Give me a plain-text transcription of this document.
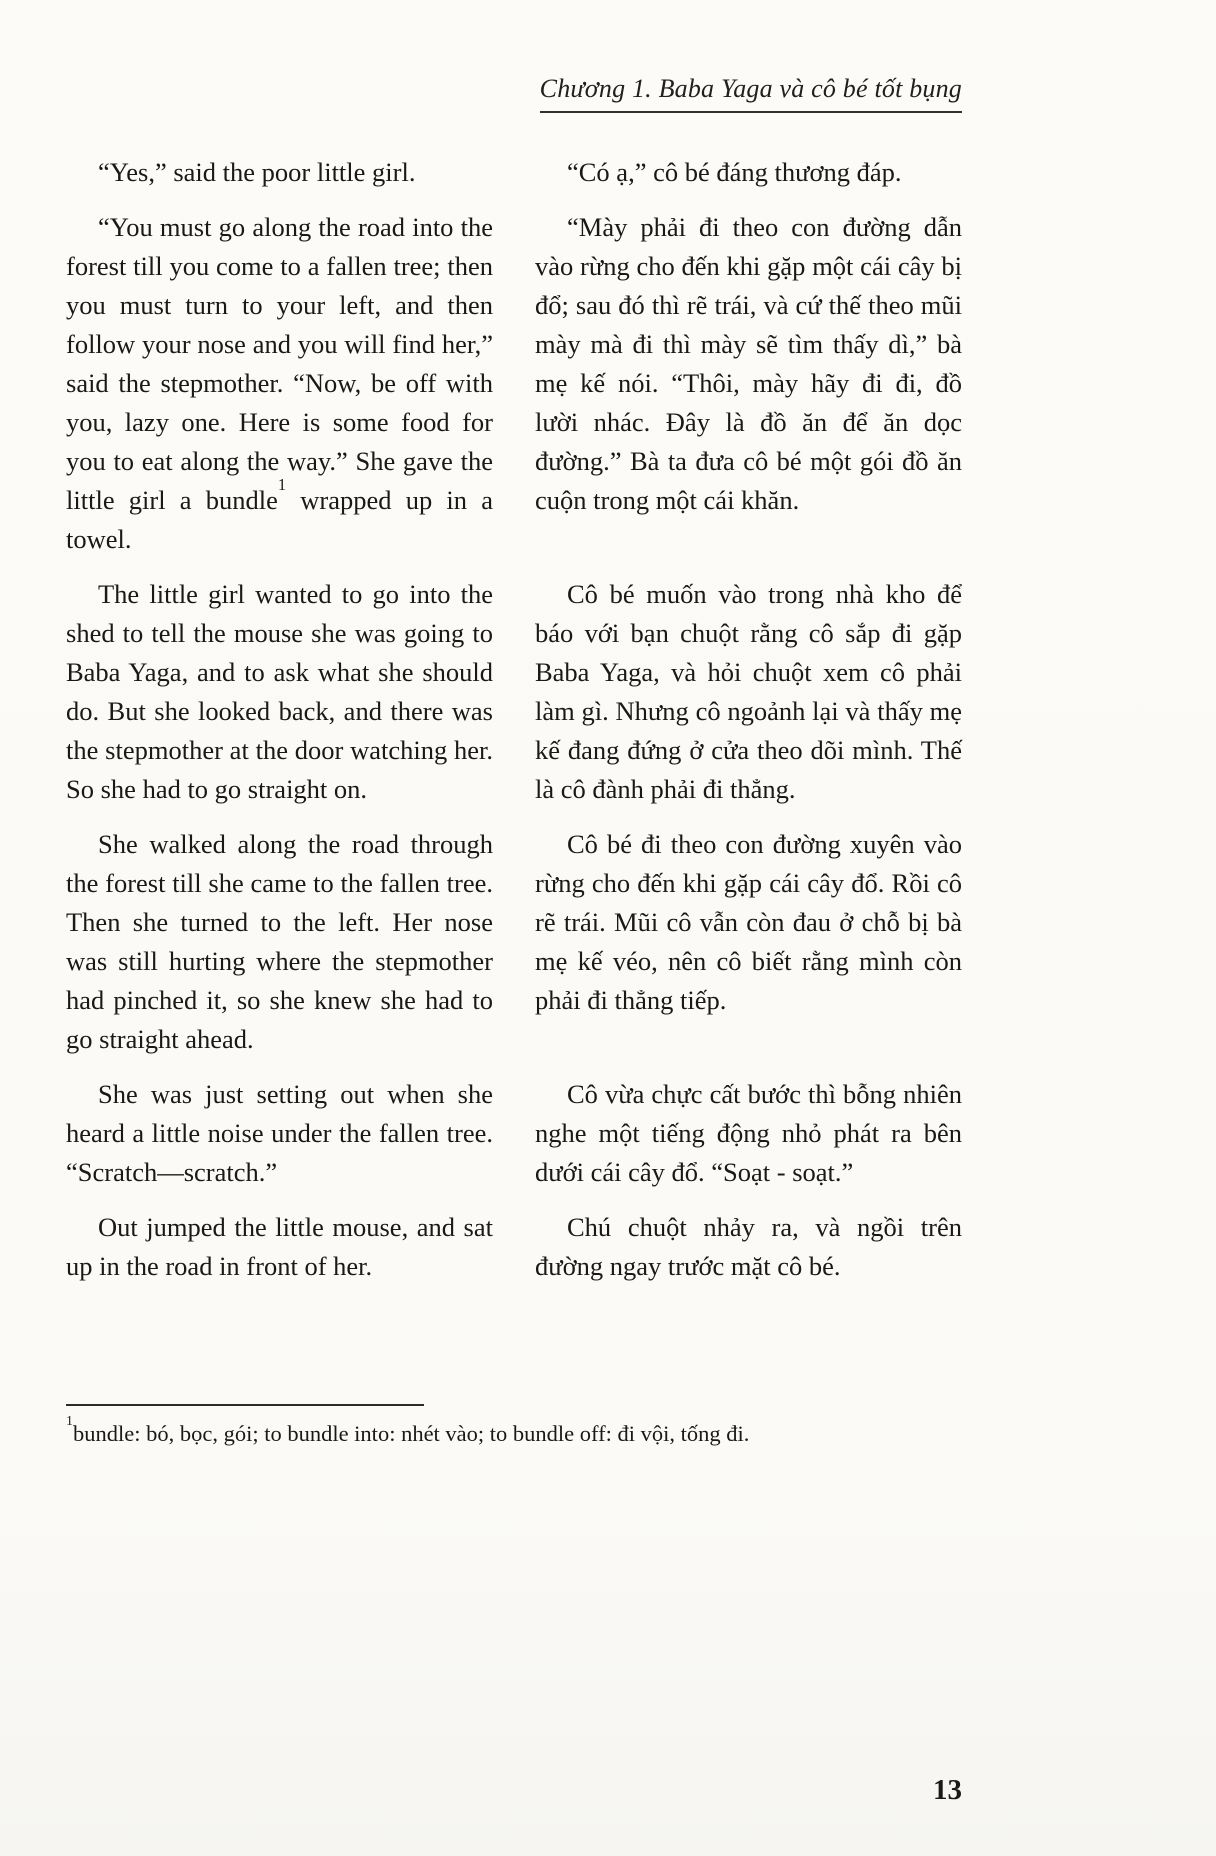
Chương 1. Baba Yaga và cô bé tốt bụng

“Yes,” said the poor little girl.	“Có ạ,” cô bé đáng thương đáp.

“You must go along the road into the forest till you come to a fallen tree; then you must turn to your left, and then follow your nose and you will find her,” said the stepmother. “Now, be off with you, lazy one. Here is some food for you to eat along the way.” She gave the little girl a bundle$^1$ wrapped up in a towel.

“Mày phải đi theo con đường dẫn vào rừng cho đến khi gặp một cái cây bị đổ; sau đó thì rẽ trái, và cứ thế theo mũi mày mà đi thì mày sẽ tìm thấy dì,” bà mẹ kế nói. “Thôi, mày hãy đi đi, đồ lười nhác. Đây là đồ ăn để ăn dọc đường.” Bà ta đưa cô bé một gói đồ ăn cuộn trong một cái khăn.

The little girl wanted to go into the shed to tell the mouse she was going to Baba Yaga, and to ask what she should do. But she looked back, and there was the stepmother at the door watching her. So she had to go straight on.

Cô bé muốn vào trong nhà kho để báo với bạn chuột rằng cô sắp đi gặp Baba Yaga, và hỏi chuột xem cô phải làm gì. Nhưng cô ngoảnh lại và thấy mẹ kế đang đứng ở cửa theo dõi mình. Thế là cô đành phải đi thẳng.

She walked along the road through the forest till she came to the fallen tree. Then she turned to the left. Her nose was still hurting where the stepmother had pinched it, so she knew she had to go straight ahead.

Cô bé đi theo con đường xuyên vào rừng cho đến khi gặp cái cây đổ. Rồi cô rẽ trái. Mũi cô vẫn còn đau ở chỗ bị bà mẹ kế véo, nên cô biết rằng mình còn phải đi thẳng tiếp.

She was just setting out when she heard a little noise under the fallen tree. “Scratch—scratch.”

Cô vừa chực cất bước thì bỗng nhiên nghe một tiếng động nhỏ phát ra bên dưới cái cây đổ. “Soạt - soạt.”

Out jumped the little mouse, and sat up in the road in front of her.

Chú chuột nhảy ra, và ngồi trên đường ngay trước mặt cô bé.

$^1$bundle: bó, bọc, gói; to bundle into: nhét vào; to bundle off: đi vội, tống đi.

13
